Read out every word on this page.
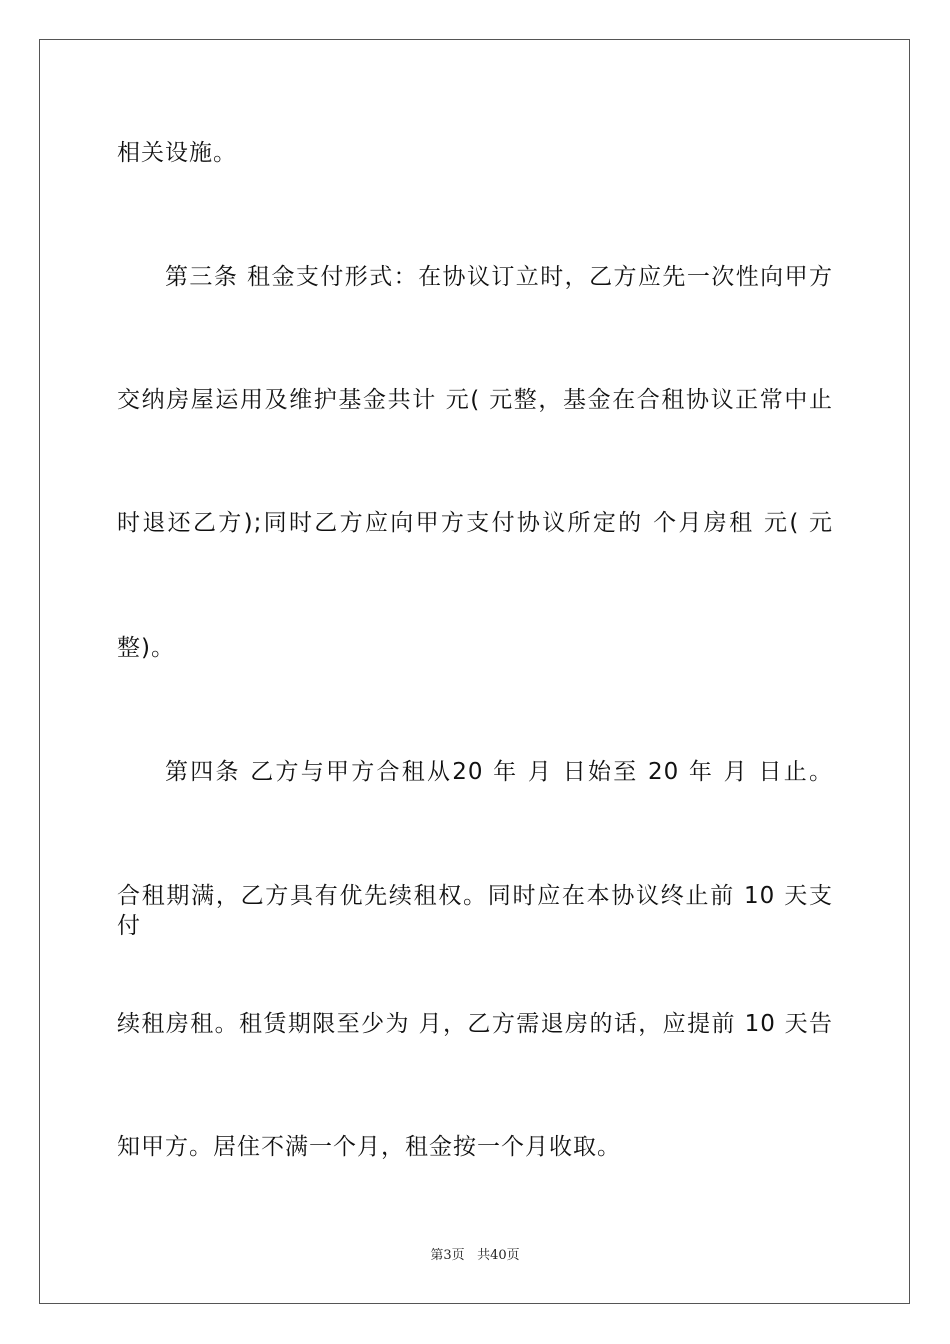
相关设施。
第三条 租金支付形式：在协议订立时，乙方应先一次性向甲方
交纳房屋运用及维护基金共计 元( 元整，基金在合租协议正常中止
时退还乙方);同时乙方应向甲方支付协议所定的 个月房租 元( 元
整)。
第四条 乙方与甲方合租从20 年 月 日始至 20 年 月 日止。
合租期满，乙方具有优先续租权。同时应在本协议终止前 10 天支付
续租房租。租赁期限至少为 月，乙方需退房的话，应提前 10 天告
知甲方。居住不满一个月，租金按一个月收取。
第3页 共40页
